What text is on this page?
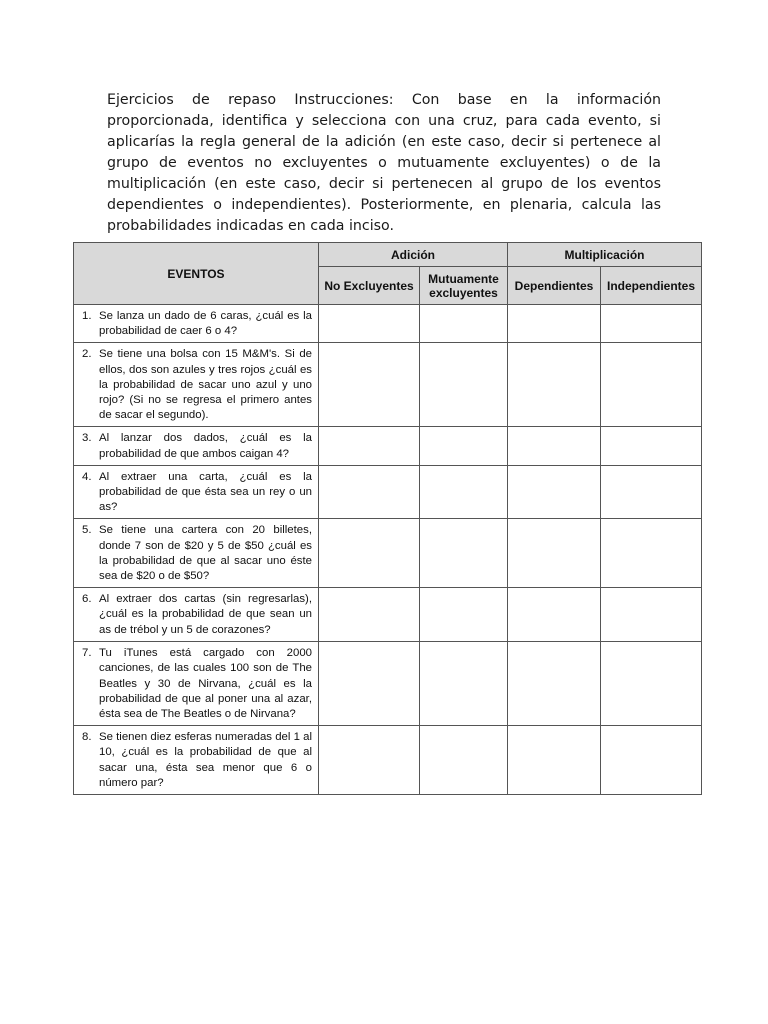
Ejercicios de repaso Instrucciones: Con base en la información proporcionada, identifica y selecciona con una cruz, para cada evento, si aplicarías la regla general de la adición (en este caso, decir si pertenece al grupo de eventos no excluyentes o mutuamente excluyentes) o de la multiplicación (en este caso, decir si pertenecen al grupo de los eventos dependientes o independientes). Posteriormente, en plenaria, calcula las probabilidades indicadas en cada inciso.

EVENTOS	Adición		Multiplicación	
	No Excluyentes	Mutuamente excluyentes	Dependientes	Independientes

1. Se lanza un dado de 6 caras, ¿cuál es la probabilidad de caer 6 o 4?				

2. Se tiene una bolsa con 15 M&M's. Si de ellos, dos son azules y tres rojos ¿cuál es la probabilidad de sacar uno azul y uno rojo? (Si no se regresa el primero antes de sacar el segundo).				

3. Al lanzar dos dados, ¿cuál es la probabilidad de que ambos caigan 4?				

4. Al extraer una carta, ¿cuál es la probabilidad de que ésta sea un rey o un as?				

5. Se tiene una cartera con 20 billetes, donde 7 son de $20 y 5 de $50 ¿cuál es la probabilidad de que al sacar uno éste sea de $20 o de $50?				

6. Al extraer dos cartas (sin regresarlas), ¿cuál es la probabilidad de que sean un as de trébol y un 5 de corazones?				

7. Tu iTunes está cargado con 2000 canciones, de las cuales 100 son de The Beatles y 30 de Nirvana, ¿cuál es la probabilidad de que al poner una al azar, ésta sea de The Beatles o de Nirvana?				

8. Se tienen diez esferas numeradas del 1 al 10, ¿cuál es la probabilidad de que al sacar una, ésta sea menor que 6 o número par?				
